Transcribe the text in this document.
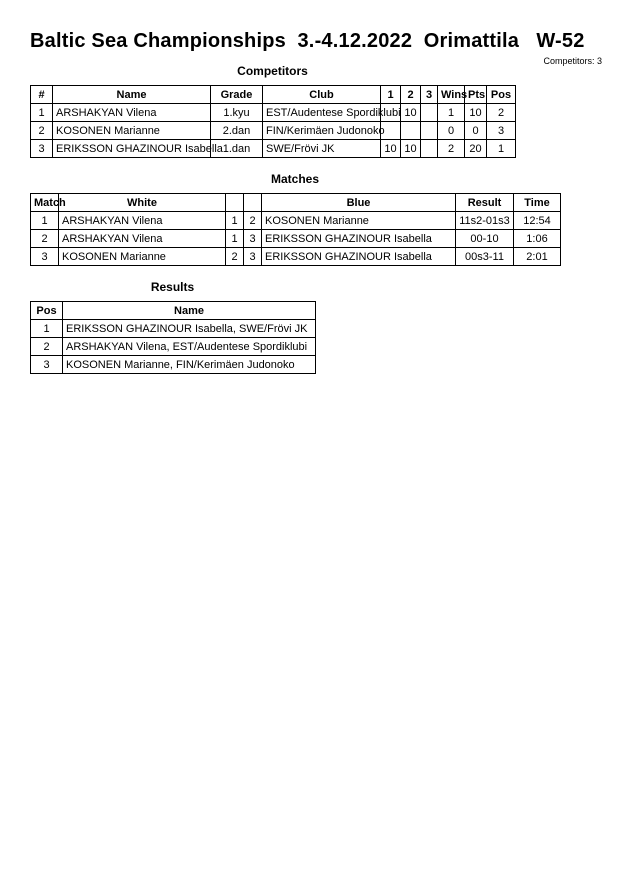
Baltic Sea Championships  3.-4.12.2022  Orimattila   W-52
Competitors: 3
Competitors
#	Name	Grade	Club	1	2	3	Wins	Pts	Pos
1	ARSHAKYAN Vilena	1.kyu	EST/Audentese Spordiklubi		10		1	10	2
2	KOSONEN Marianne	2.dan	FIN/Kerimäen Judonoko				0	0	3
3	ERIKSSON GHAZINOUR Isabella	1.dan	SWE/Frövi JK	10	10		2	20	1
Matches
Match	White			Blue	Result	Time
1	ARSHAKYAN Vilena	1	2	KOSONEN Marianne	11s2-01s3	12:54
2	ARSHAKYAN Vilena	1	3	ERIKSSON GHAZINOUR Isabella	00-10	1:06
3	KOSONEN Marianne	2	3	ERIKSSON GHAZINOUR Isabella	00s3-11	2:01
Results
Pos	Name
1	ERIKSSON GHAZINOUR Isabella, SWE/Frövi JK
2	ARSHAKYAN Vilena, EST/Audentese Spordiklubi
3	KOSONEN Marianne, FIN/Kerimäen Judonoko
